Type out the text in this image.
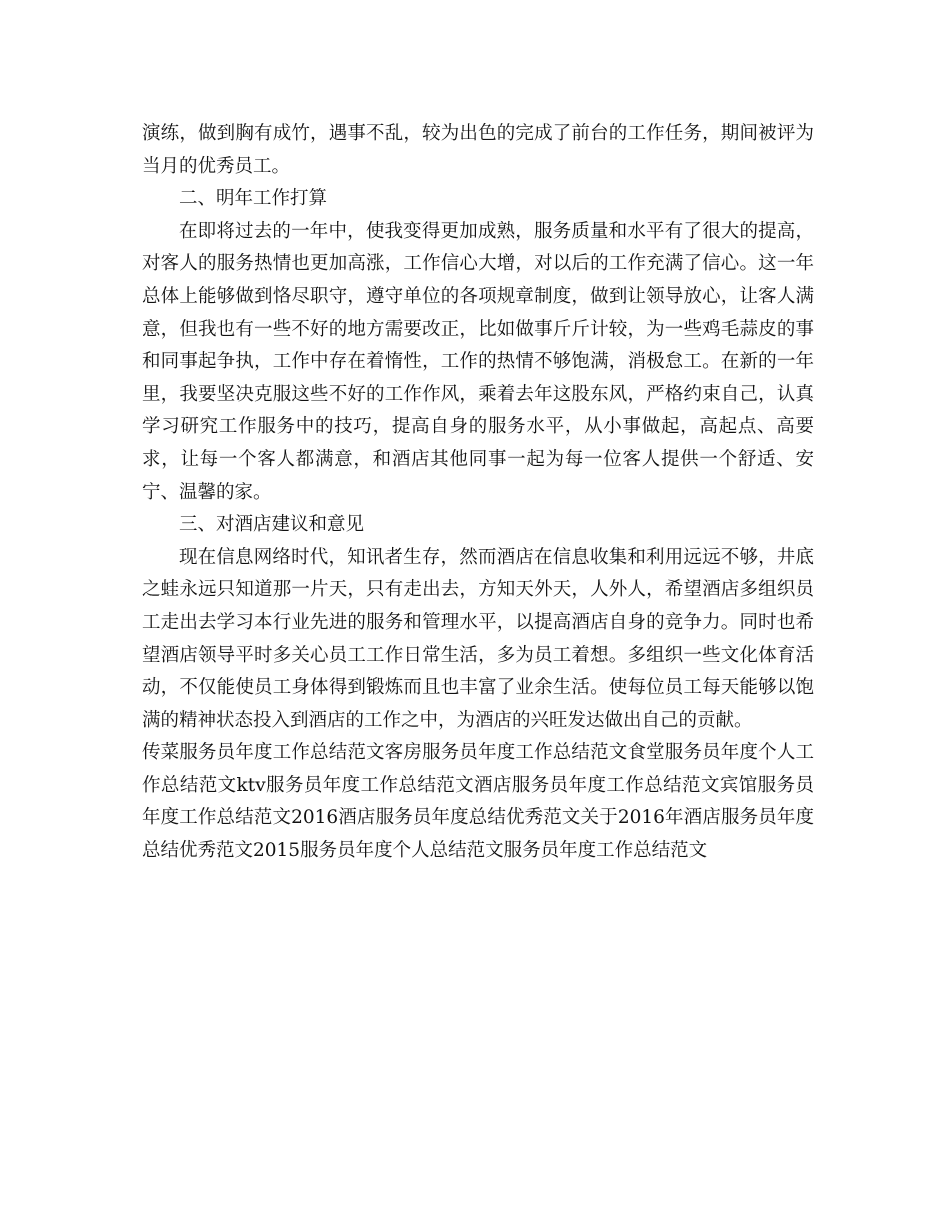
演练，做到胸有成竹，遇事不乱，较为出色的完成了前台的工作任务，期间被评为当月的优秀员工。

二、明年工作打算

在即将过去的一年中，使我变得更加成熟，服务质量和水平有了很大的提高，对客人的服务热情也更加高涨，工作信心大增，对以后的工作充满了信心。这一年总体上能够做到恪尽职守，遵守单位的各项规章制度，做到让领导放心，让客人满意，但我也有一些不好的地方需要改正，比如做事斤斤计较，为一些鸡毛蒜皮的事和同事起争执，工作中存在着惰性，工作的热情不够饱满，消极怠工。在新的一年里，我要坚决克服这些不好的工作作风，乘着去年这股东风，严格约束自己，认真学习研究工作服务中的技巧，提高自身的服务水平，从小事做起，高起点、高要求，让每一个客人都满意，和酒店其他同事一起为每一位客人提供一个舒适、安宁、温馨的家。

三、对酒店建议和意见

现在信息网络时代，知讯者生存，然而酒店在信息收集和利用远远不够，井底之蛙永远只知道那一片天，只有走出去，方知天外天，人外人，希望酒店多组织员工走出去学习本行业先进的服务和管理水平，以提高酒店自身的竞争力。同时也希望酒店领导平时多关心员工工作日常生活，多为员工着想。多组织一些文化体育活动，不仅能使员工身体得到锻炼而且也丰富了业余生活。使每位员工每天能够以饱满的精神状态投入到酒店的工作之中，为酒店的兴旺发达做出自己的贡献。

传菜服务员年度工作总结范文客房服务员年度工作总结范文食堂服务员年度个人工作总结范文ktv服务员年度工作总结范文酒店服务员年度工作总结范文宾馆服务员年度工作总结范文2016酒店服务员年度总结优秀范文关于2016年酒店服务员年度总结优秀范文2015服务员年度个人总结范文服务员年度工作总结范文
